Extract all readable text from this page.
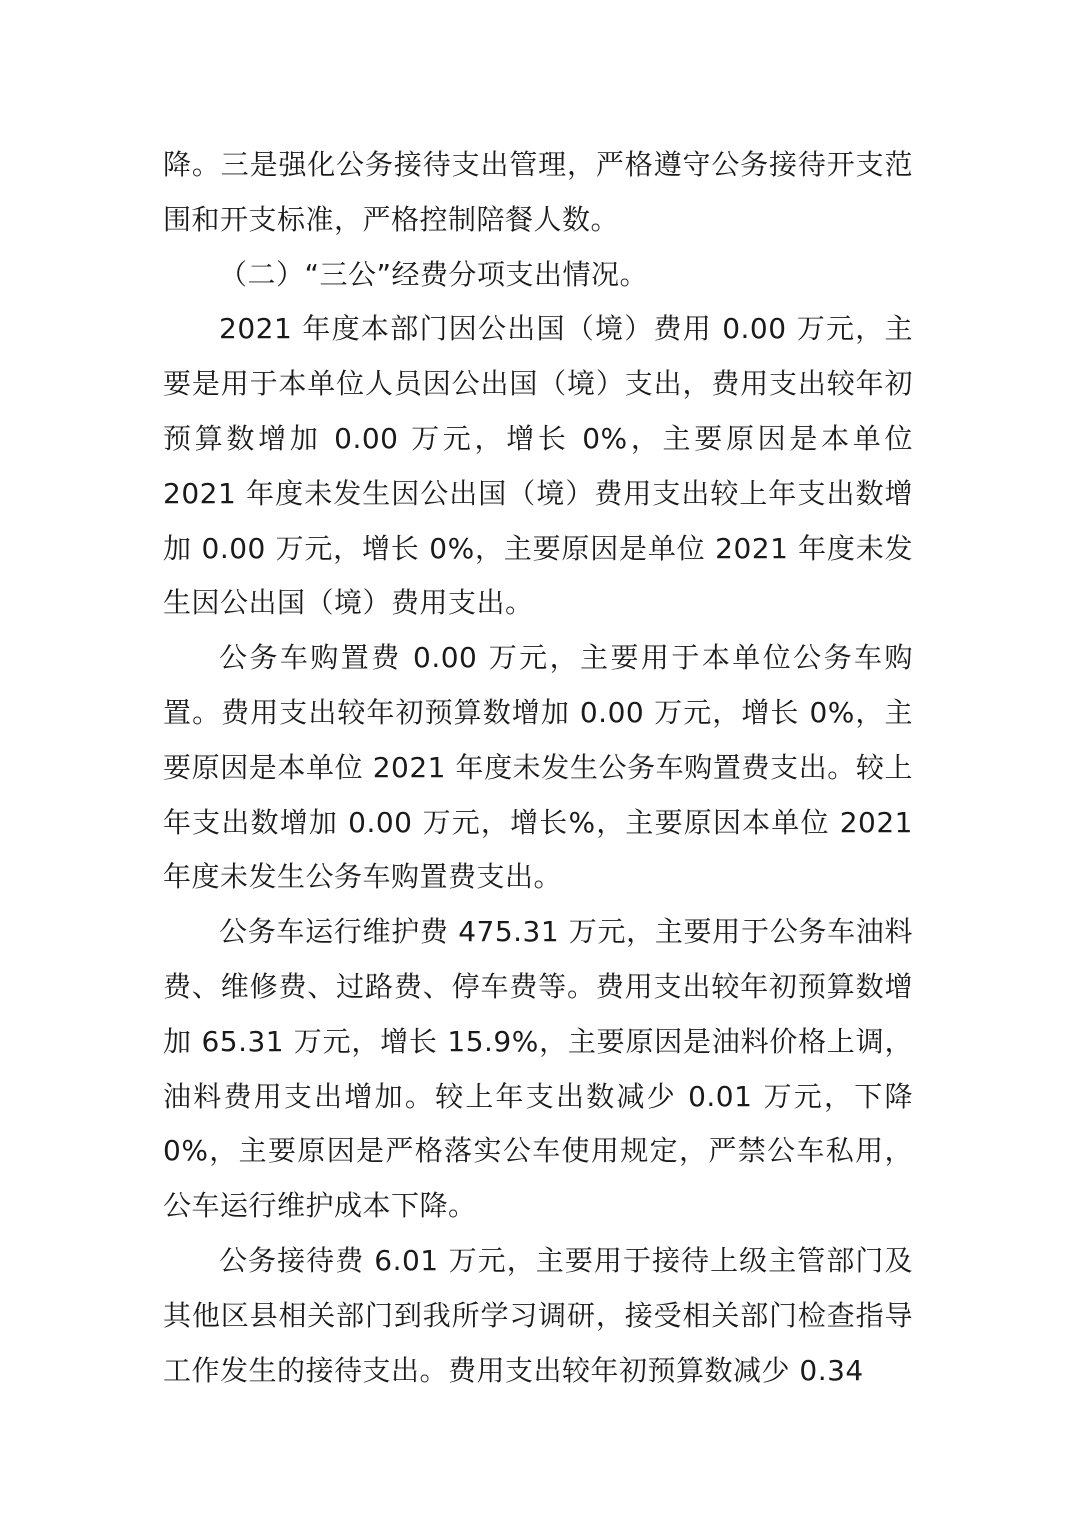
降。三是强化公务接待支出管理，严格遵守公务接待开支范围和开支标准，严格控制陪餐人数。

（二）“三公”经费分项支出情况。

2021 年度本部门因公出国（境）费用 0.00 万元，主要是用于本单位人员因公出国（境）支出，费用支出较年初预算数增加 0.00 万元，增长 0%，主要原因是本单位 2021 年度未发生因公出国（境）费用支出较上年支出数增加 0.00 万元，增长 0%，主要原因是单位 2021 年度未发生因公出国（境）费用支出。

公务车购置费 0.00 万元，主要用于本单位公务车购置。费用支出较年初预算数增加 0.00 万元，增长 0%，主要原因是本单位 2021 年度未发生公务车购置费支出。较上年支出数增加 0.00 万元，增长%，主要原因本单位 2021 年度未发生公务车购置费支出。

公务车运行维护费 475.31 万元，主要用于公务车油料费、维修费、过路费、停车费等。费用支出较年初预算数增加 65.31 万元，增长 15.9%，主要原因是油料价格上调，油料费用支出增加。较上年支出数减少 0.01 万元，下降 0%，主要原因是严格落实公车使用规定，严禁公车私用，公车运行维护成本下降。

公务接待费 6.01 万元，主要用于接待上级主管部门及其他区县相关部门到我所学习调研，接受相关部门检查指导工作发生的接待支出。费用支出较年初预算数减少 0.34
